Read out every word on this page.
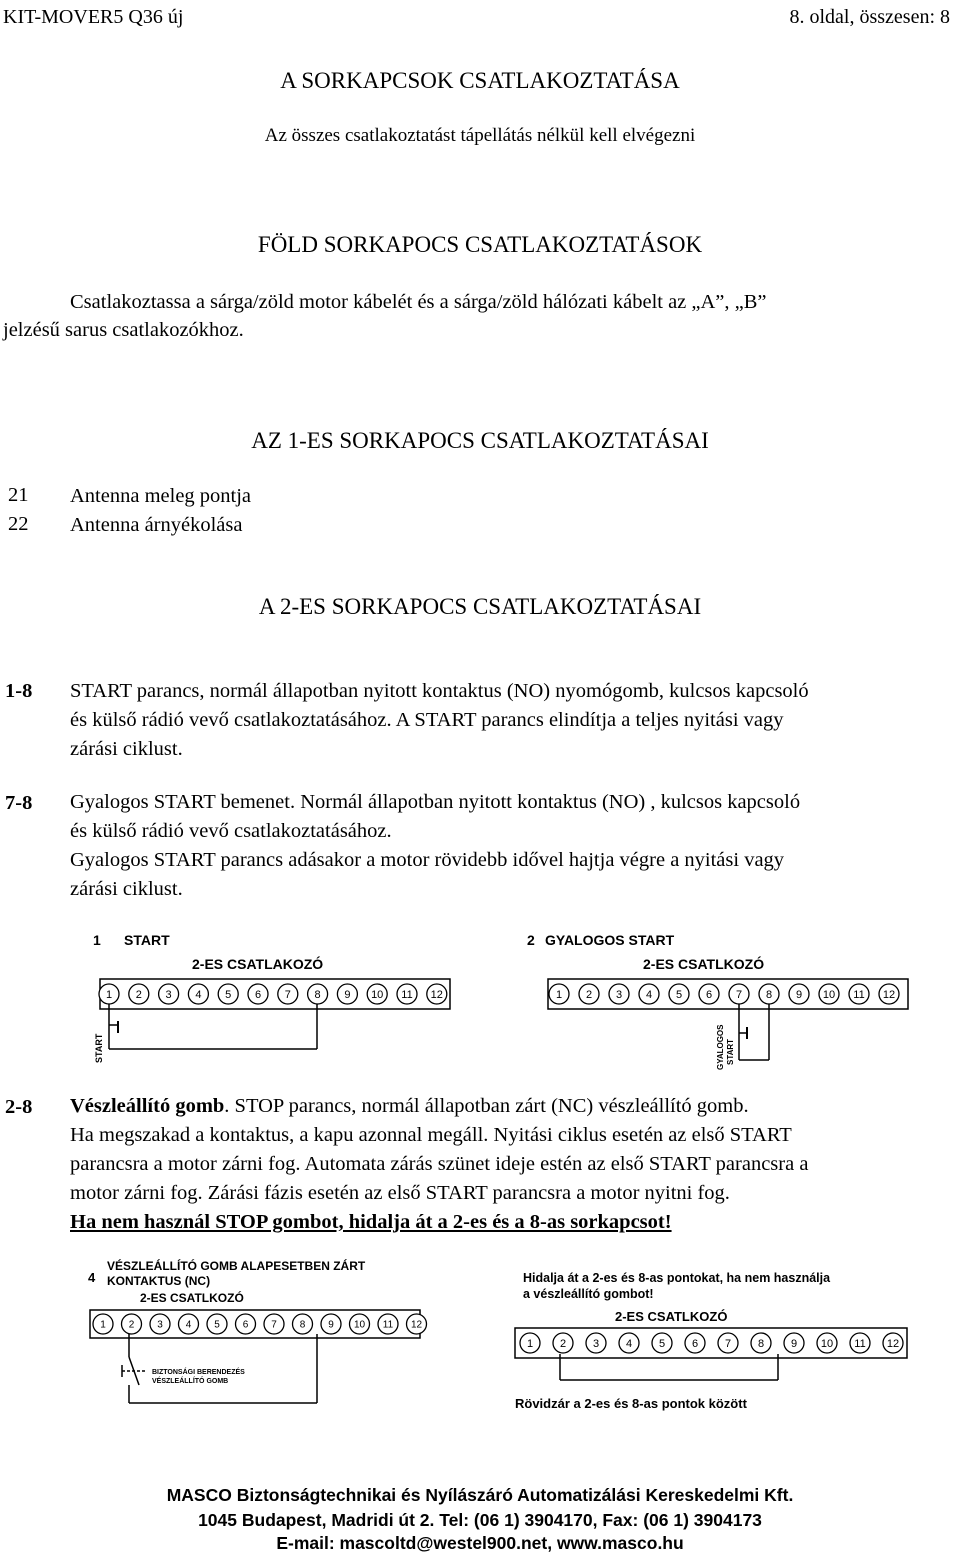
KIT-MOVER5 Q36 új	8. oldal, összesen: 8
A SORKAPCSOK CSATLAKOZTATÁSA
Az összes csatlakoztatást tápellátás nélkül kell elvégezni
FÖLD SORKAPOCS CSATLAKOZTATÁSOK
Csatlakoztassa a sárga/zöld motor kábelét és a sárga/zöld hálózati kábelt az „A”, „B”
jelzésű sarus csatlakozókhoz.
AZ 1-ES SORKAPOCS CSATLAKOZTATÁSAI
21 Antenna meleg pontja
22 Antenna árnyékolása
A 2-ES SORKAPOCS CSATLAKOZTATÁSAI
1-8 START parancs, normál állapotban nyitott kontaktus (NO) nyomógomb, kulcsos kapcsoló
és külső rádió vevő csatlakoztatásához. A START parancs elindítja a teljes nyitási vagy
zárási ciklust.
7-8 Gyalogos START bemenet. Normál állapotban nyitott kontaktus (NO) , kulcsos kapcsoló
és külső rádió vevő csatlakoztatásához.
Gyalogos START parancs adásakor a motor rövidebb idővel hajtja végre a nyitási vagy
zárási ciklust.
1 START
2-ES CSATLAKOZÓ
1 2 3 4 5 6 7 8 9 10 11 12
START
2 GYALOGOS START
2-ES CSATLKOZÓ
1 2 3 4 5 6 7 8 9 10 11 12
GYALOGOS START
2-8 Vészleállító gomb. STOP parancs, normál állapotban zárt (NC) vészleállító gomb.
Ha megszakad a kontaktus, a kapu azonnal megáll. Nyitási ciklus esetén az első START
parancsra a motor zárni fog. Automata zárás szünet ideje estén az első START parancsra a
motor zárni fog. Zárási fázis esetén az első START parancsra a motor nyitni fog.
Ha nem használ STOP gombot, hidalja át a 2-es és a 8-as sorkapcsot!
4
VÉSZLEÁLLÍTÓ GOMB ALAPESETBEN ZÁRT
KONTAKTUS (NC)
2-ES CSATLKOZÓ
1 2 3 4 5 6 7 8 9 10 11 12
BIZTONSÁGI BERENDEZÉS
VÉSZLEÁLLÍTÓ GOMB
Hidalja át a 2-es és 8-as pontokat, ha nem használja
a vészleállító gombot!
2-ES CSATLKOZÓ
1 2 3 4 5 6 7 8 9 10 11 12
Rövidzár a 2-es és 8-as pontok között
MASCO Biztonságtechnikai és Nyílászáró Automatizálási Kereskedelmi Kft.
1045 Budapest, Madridi út 2. Tel: (06 1) 3904170, Fax: (06 1) 3904173
E-mail: mascoltd@westel900.net, www.masco.hu
